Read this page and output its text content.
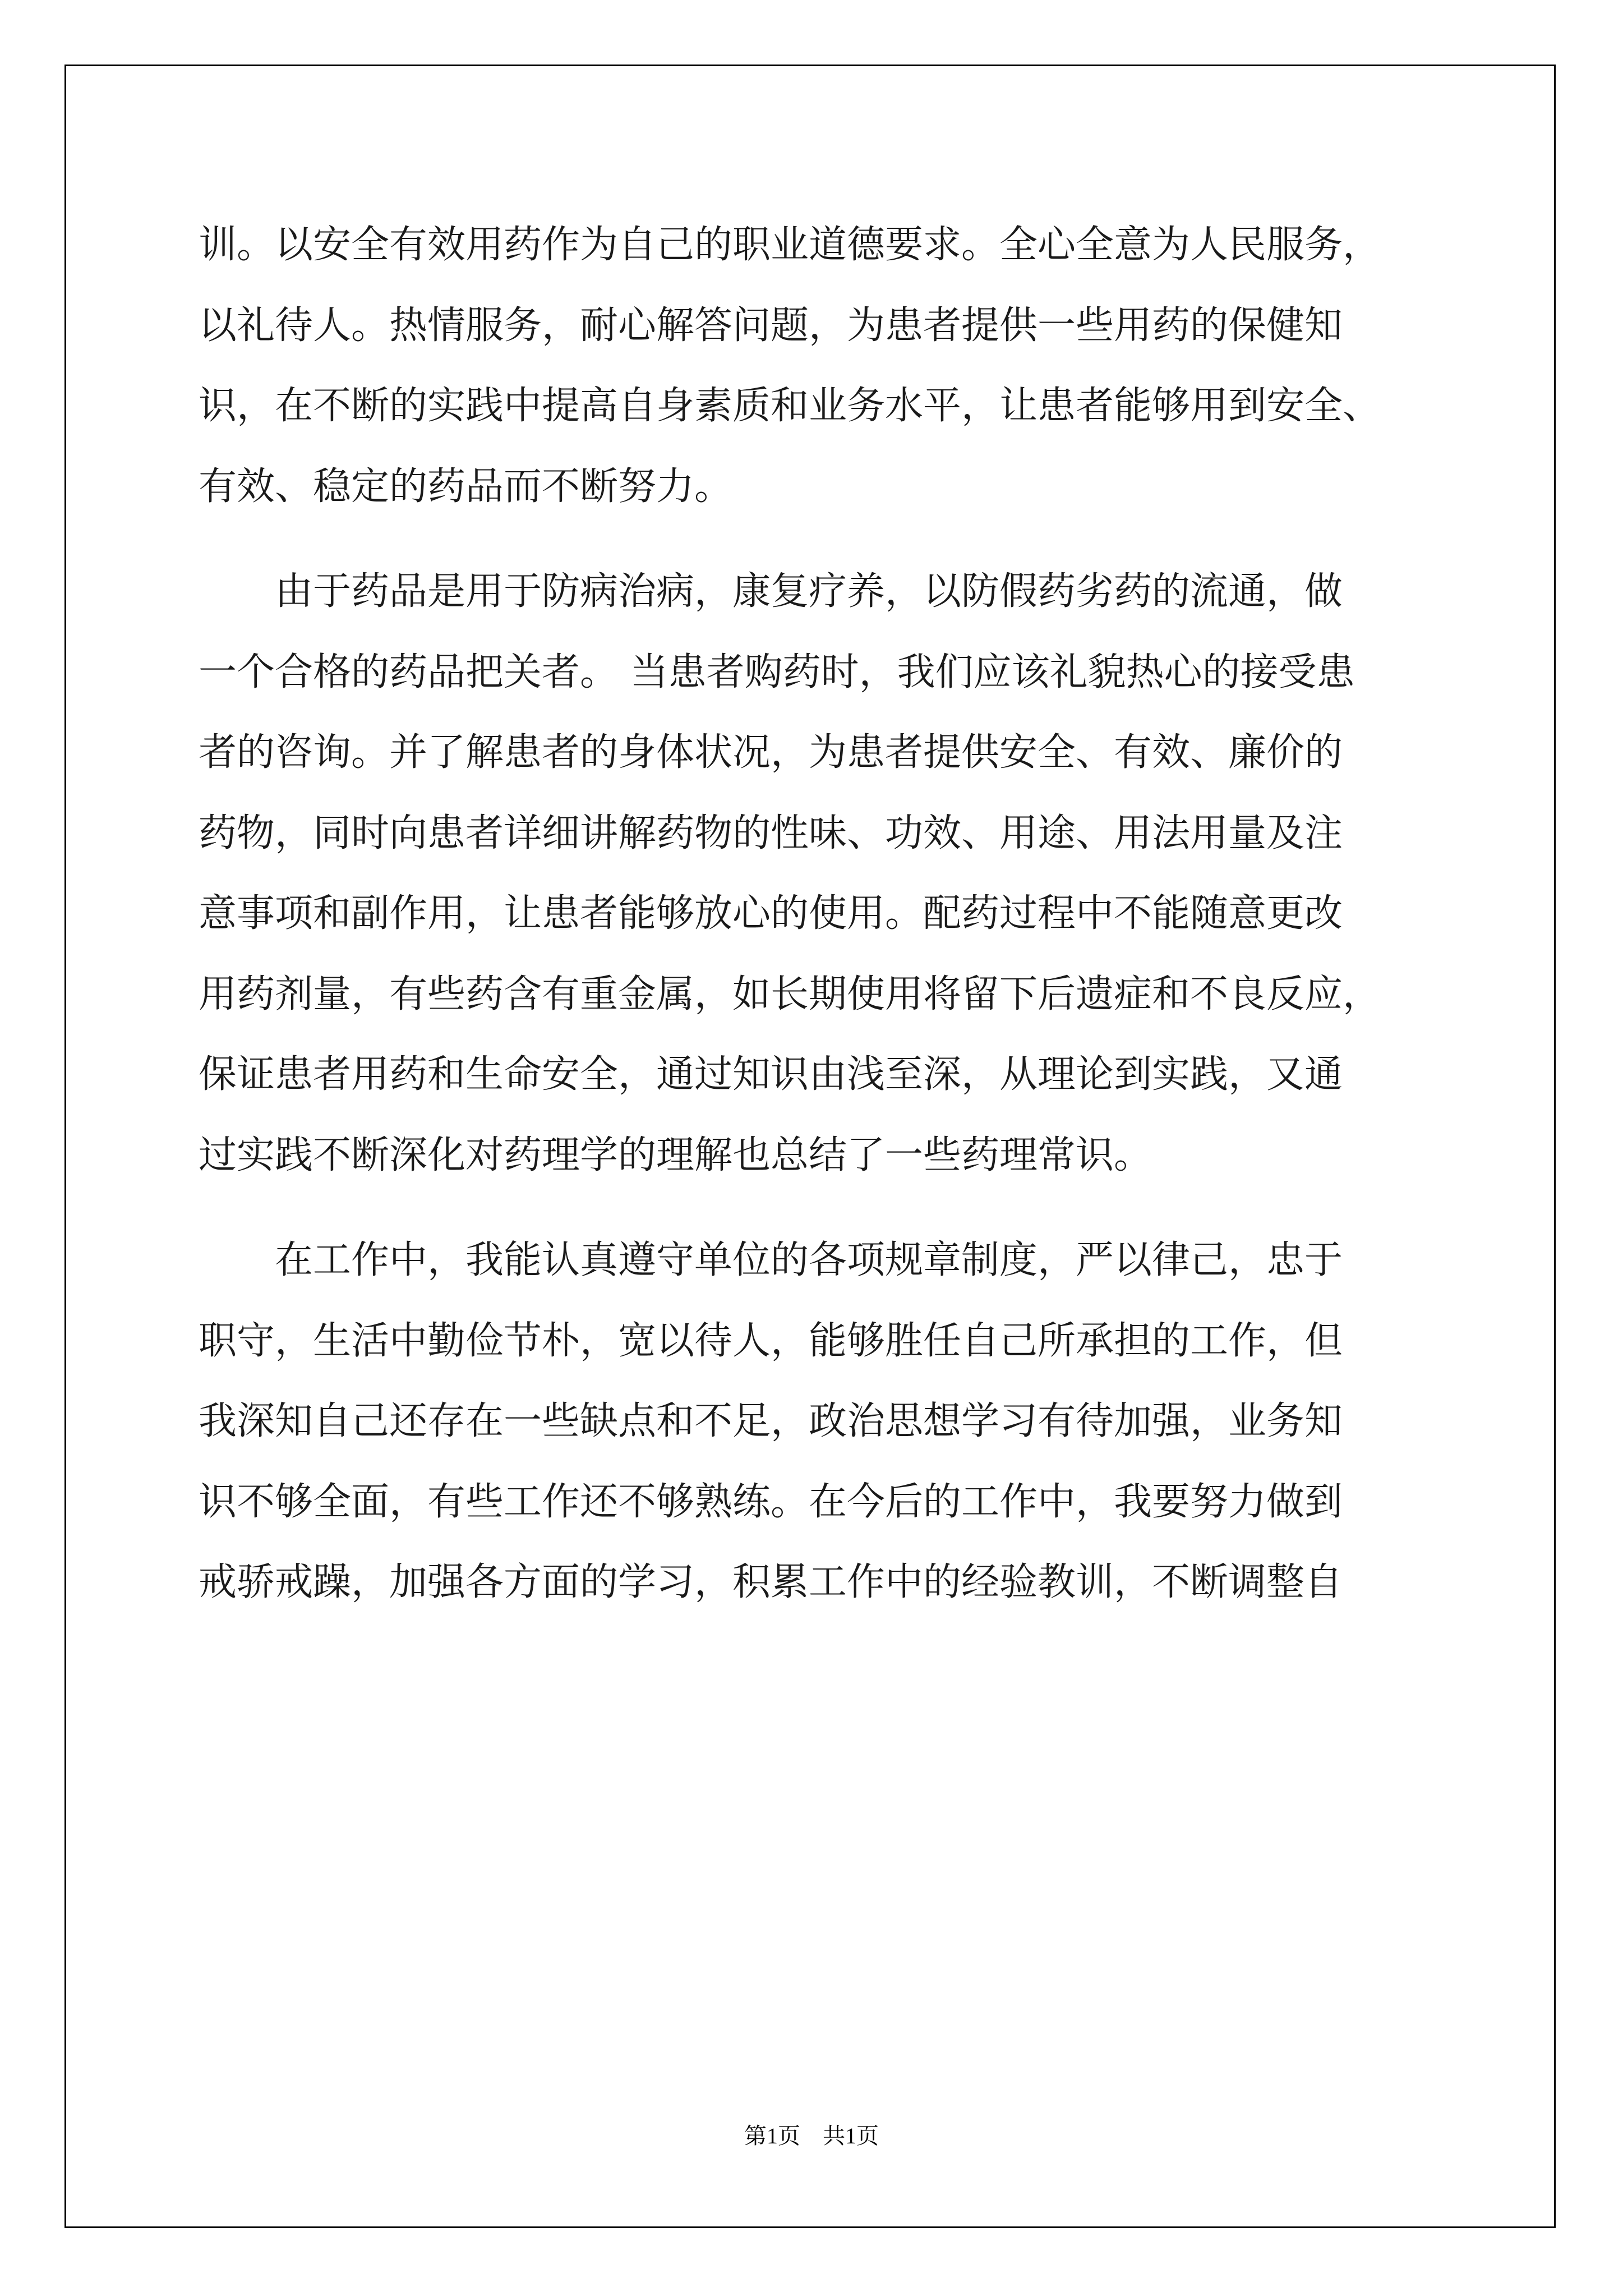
训。以安全有效用药作为自己的职业道德要求。全心全意为人民服务，
以礼待人。热情服务，耐心解答问题，为患者提供一些用药的保健知
识，在不断的实践中提高自身素质和业务水平，让患者能够用到安全、
有效、稳定的药品而不断努力。
　　由于药品是用于防病治病，康复疗养，以防假药劣药的流通，做
一个合格的药品把关者。 当患者购药时，我们应该礼貌热心的接受患
者的咨询。并了解患者的身体状况，为患者提供安全、有效、廉价的
药物，同时向患者详细讲解药物的性味、功效、用途、用法用量及注
意事项和副作用，让患者能够放心的使用。配药过程中不能随意更改
用药剂量，有些药含有重金属，如长期使用将留下后遗症和不良反应，
保证患者用药和生命安全，通过知识由浅至深，从理论到实践，又通
过实践不断深化对药理学的理解也总结了一些药理常识。
　　在工作中，我能认真遵守单位的各项规章制度，严以律己，忠于
职守，生活中勤俭节朴，宽以待人，能够胜任自己所承担的工作，但
我深知自己还存在一些缺点和不足，政治思想学习有待加强，业务知
识不够全面，有些工作还不够熟练。在今后的工作中，我要努力做到
戒骄戒躁，加强各方面的学习，积累工作中的经验教训，不断调整自
第1页　共1页
